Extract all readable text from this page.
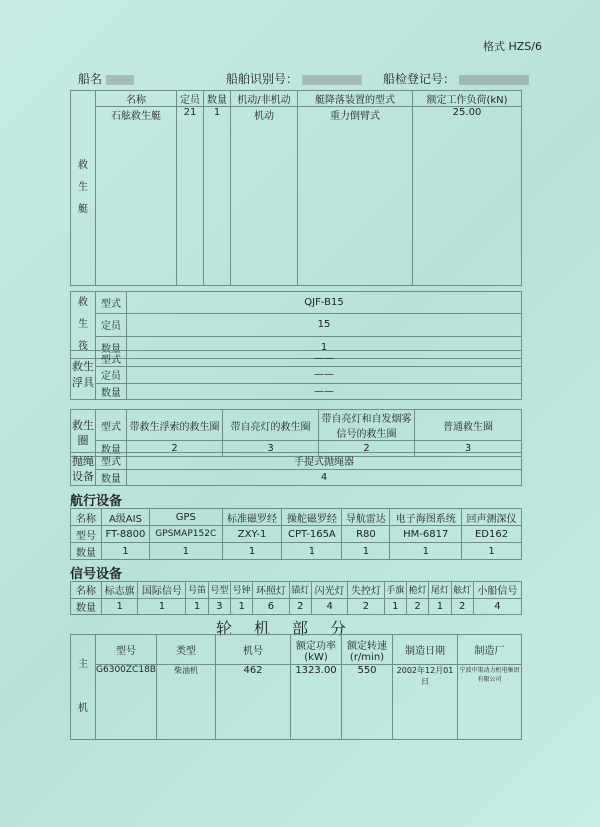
格式 HZS/6
船名	船舶识别号：	船检登记号：
救
生
艇	名称	定员	数量	机动/非机动	艇降落装置的型式	额定工作负荷(kN)
	石舷救生艇	21	1	机动	重力倒臂式	25.00
救
生
筏	型式	QJF-B15
	定员	15
	数量	1
救生
浮具	型式	——
	定员	——
	数量	——
救生
圈	型式	带救生浮索的救生圈	带自亮灯的救生圈	带自亮灯和自发烟雾信号的救生圈	普通救生圈
	数量	2	3	2	3
抛绳
设备	型式	手提式抛绳器
	数量	4
航行设备
名称	A级AIS	GPS	标准磁罗经	操舵磁罗经	导航雷达	电子海图系统	回声测深仪
型号	FT-8800	GPSMAP152C	ZXY-1	CPT-165A	R80	HM-6817	ED162
数量	1	1	1	1	1	1	1
信号设备
名称	标志旗	国际信号	号笛	号型	号钟	环照灯	锚灯	闪光灯	失控灯	手旗	桅灯	尾灯	舷灯	小船信号
数量	1	1	1	3	1	6	2	4	2	1	2	1	2	4
轮机部分
主

机	型号	类型	机号	额定功率(kW)	额定转速(r/min)	制造日期	制造厂
	G6300ZC18B	柴油机	462	1323.00	550	2002年12月01日	宁波中策动力机电集团有限公司
